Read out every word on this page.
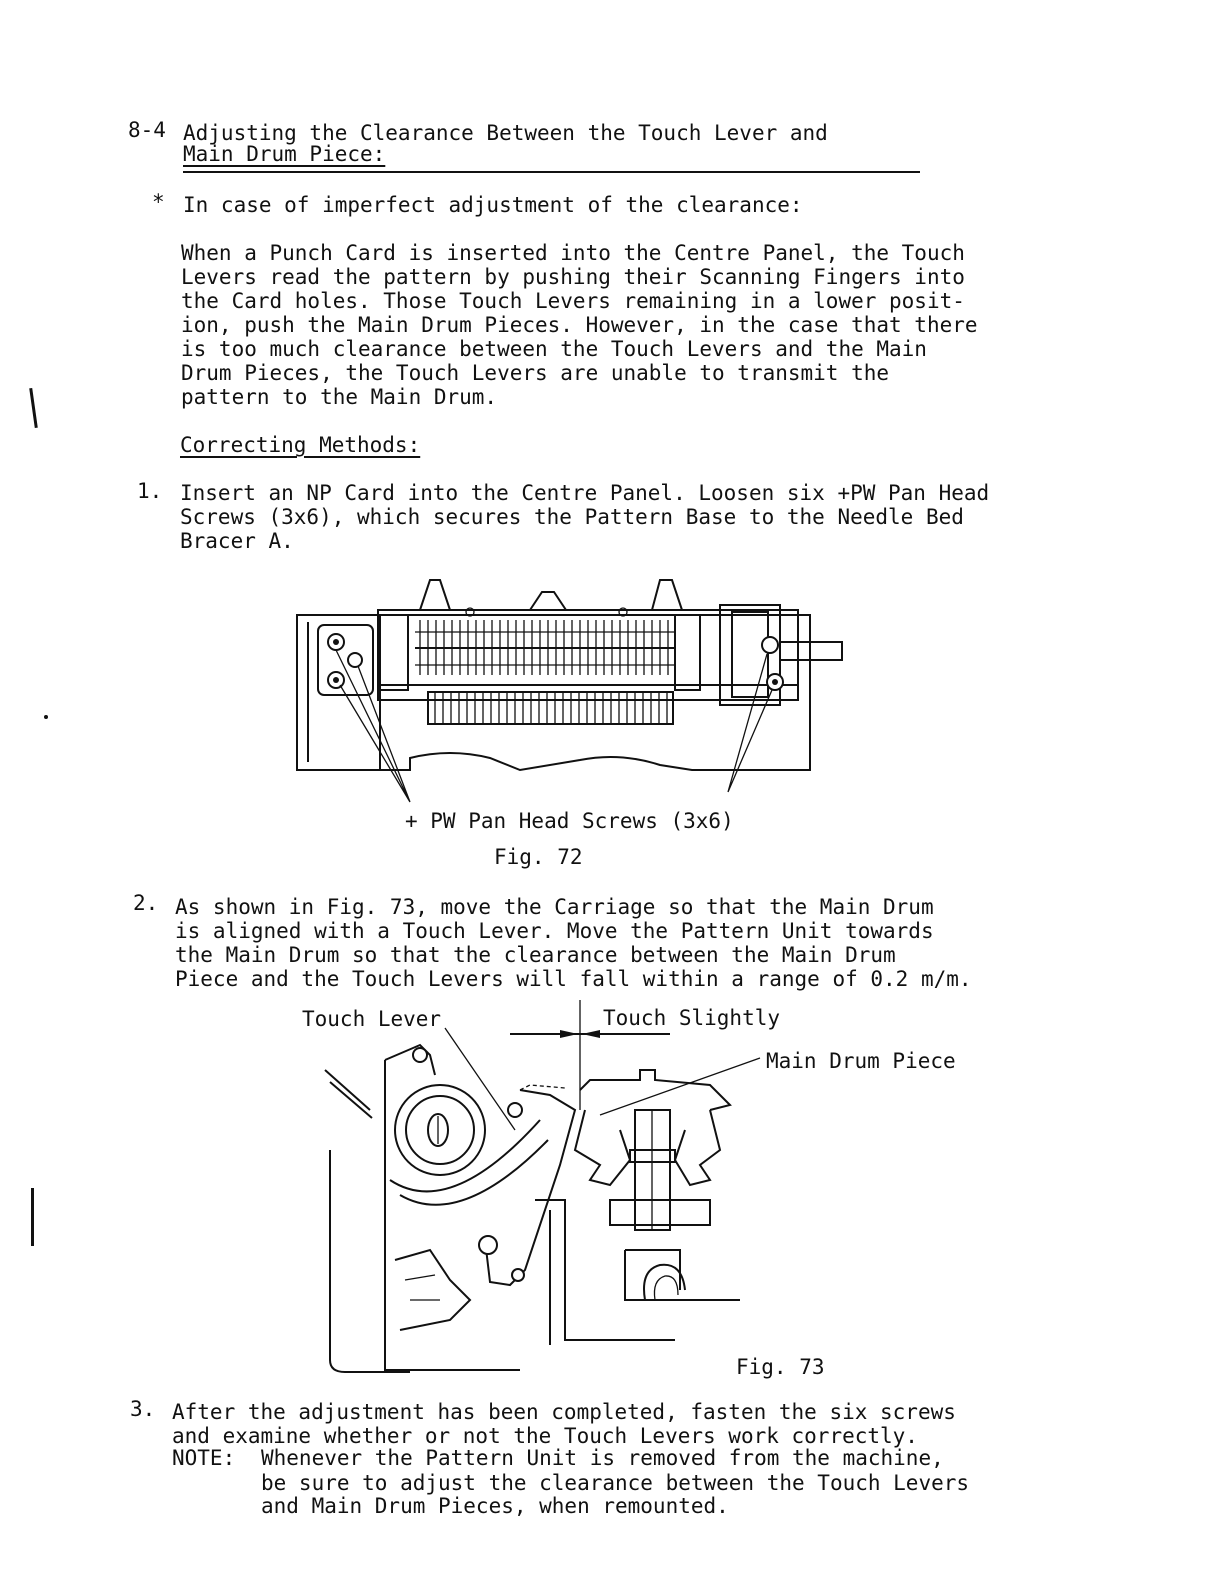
8-4 Adjusting the Clearance Between the Touch Lever and
Main Drum Piece:
* In case of imperfect adjustment of the clearance:
When a Punch Card is inserted into the Centre Panel, the Touch
Levers read the pattern by pushing their Scanning Fingers into
the Card holes. Those Touch Levers remaining in a lower posit-
ion, push the Main Drum Pieces. However, in the case that there
is too much clearance between the Touch Levers and the Main
Drum Pieces, the Touch Levers are unable to transmit the
pattern to the Main Drum.
Correcting Methods:
1. Insert an NP Card into the Centre Panel. Loosen six +PW Pan Head
Screws (3x6), which secures the Pattern Base to the Needle Bed
Bracer A.
+ PW Pan Head Screws (3x6)
Fig. 72
2. As shown in Fig. 73, move the Carriage so that the Main Drum
is aligned with a Touch Lever. Move the Pattern Unit towards
the Main Drum so that the clearance between the Main Drum
Piece and the Touch Levers will fall within a range of 0.2 m/m.
Touch Lever	Touch Slightly
Main Drum Piece
Fig. 73
3. After the adjustment has been completed, fasten the six screws
and examine whether or not the Touch Levers work correctly.
NOTE: Whenever the Pattern Unit is removed from the machine,
be sure to adjust the clearance between the Touch Levers
and Main Drum Pieces, when remounted.
